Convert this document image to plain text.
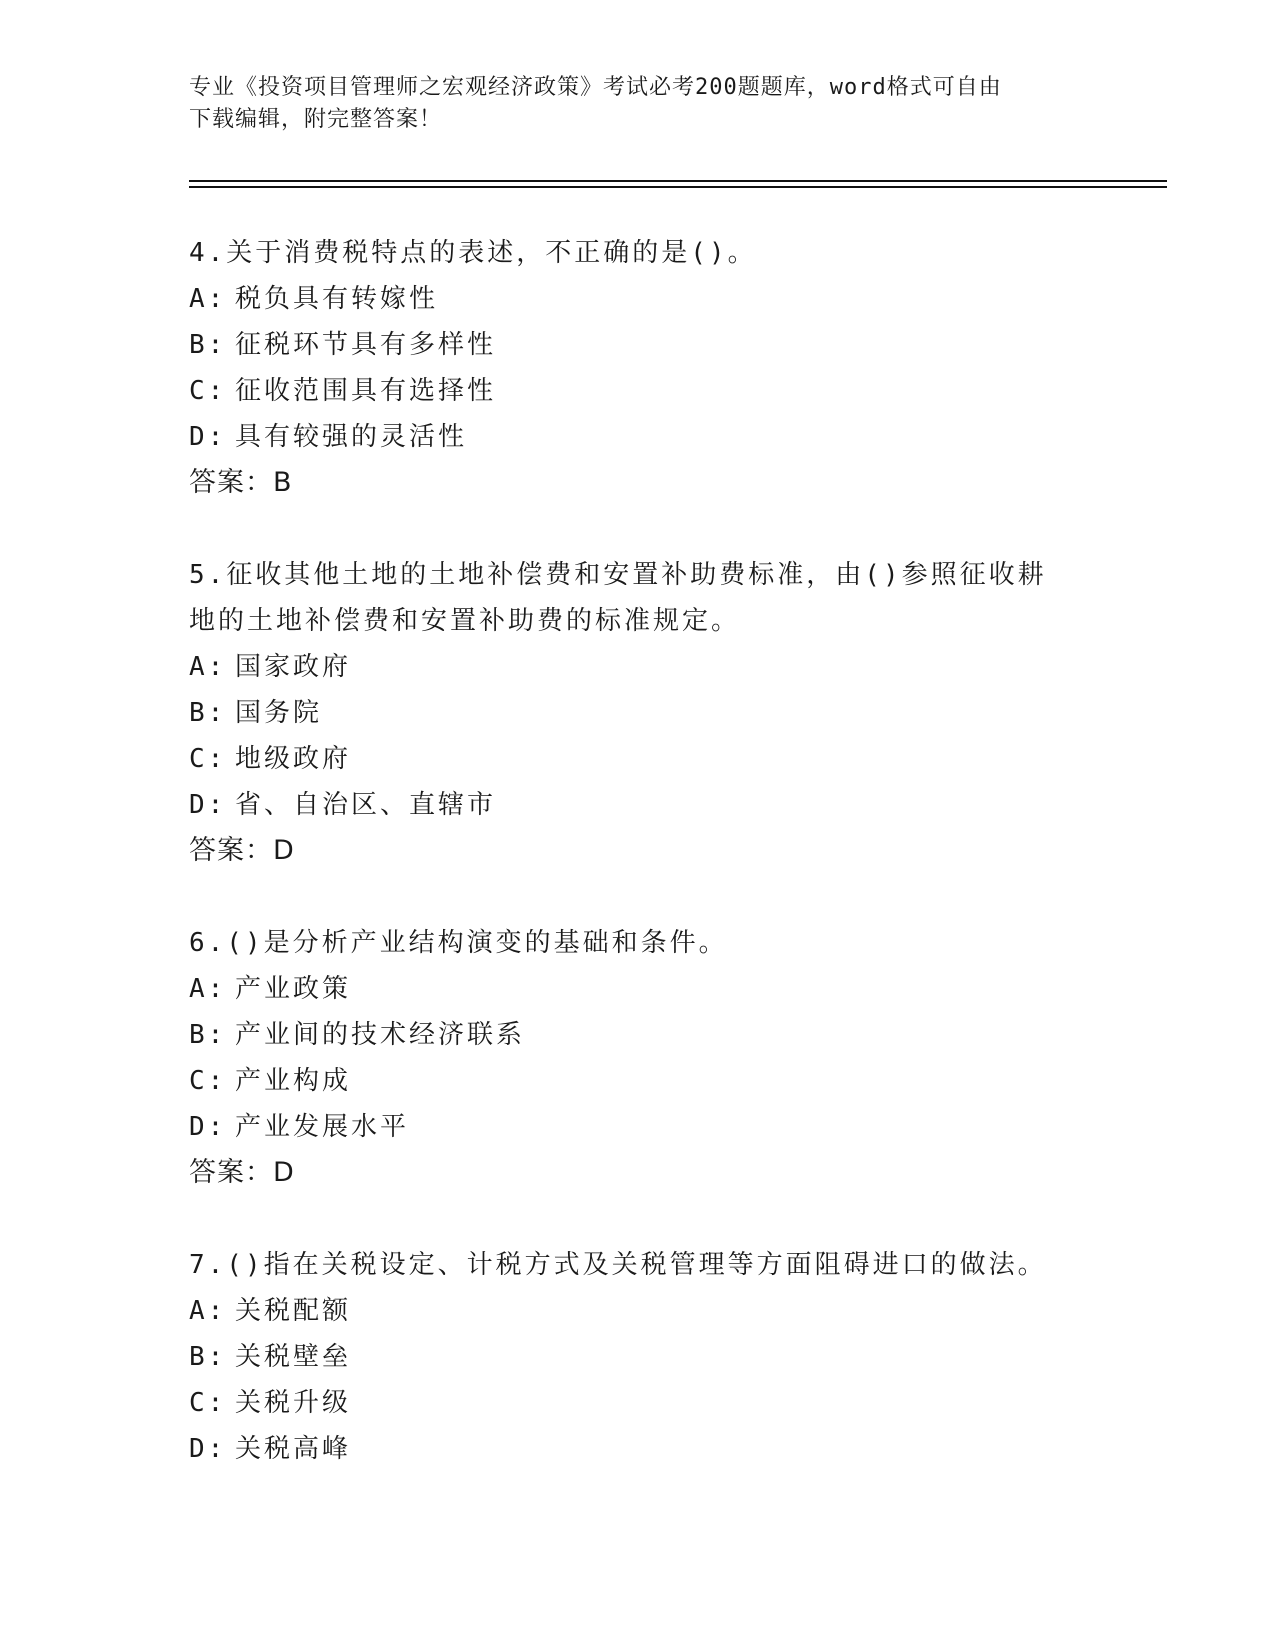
专业《投资项目管理师之宏观经济政策》考试必考200题题库，word格式可自由
下载编辑，附完整答案！

4.关于消费税特点的表述，不正确的是()。

A: 税负具有转嫁性

B: 征税环节具有多样性

C: 征收范围具有选择性

D: 具有较强的灵活性

答案：B

5.征收其他土地的土地补偿费和安置补助费标准，由()参照征收耕地的土地补偿费和安置补助费的标准规定。

A: 国家政府

B: 国务院

C: 地级政府

D: 省、自治区、直辖市

答案：D

6.()是分析产业结构演变的基础和条件。

A: 产业政策

B: 产业间的技术经济联系

C: 产业构成

D: 产业发展水平

答案：D

7.()指在关税设定、计税方式及关税管理等方面阻碍进口的做法。

A: 关税配额

B: 关税壁垒

C: 关税升级

D: 关税高峰
